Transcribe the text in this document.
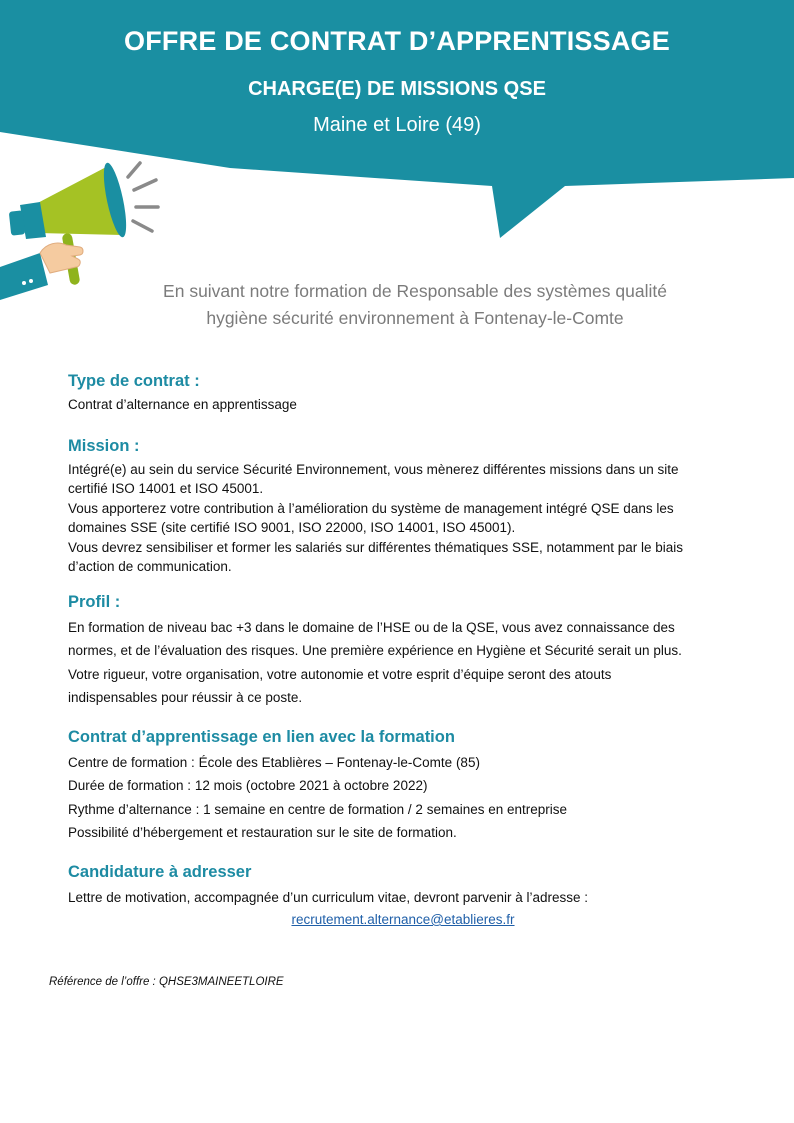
OFFRE DE CONTRAT D’APPRENTISSAGE
CHARGE(E) DE MISSIONS QSE
Maine et Loire (49)
En suivant notre formation de Responsable des systèmes qualité
hygiène sécurité environnement à Fontenay-le-Comte
Type de contrat :

Contrat d’alternance en apprentissage

Mission :

Intégré(e) au sein du service Sécurité Environnement, vous mènerez différentes missions dans un site

certifié ISO 14001 et ISO 45001.

Vous apporterez votre contribution à l’amélioration du système de management intégré QSE dans les

domaines SSE (site certifié ISO 9001, ISO 22000, ISO 14001, ISO 45001).

Vous devrez sensibiliser et former les salariés sur différentes thématiques SSE, notamment par le biais

d’action de communication.

Profil :

En formation de niveau bac +3 dans le domaine de l’HSE ou de la QSE, vous avez connaissance des

normes, et de l’évaluation des risques. Une première expérience en Hygiène et Sécurité serait un plus.

Votre rigueur, votre organisation, votre autonomie et votre esprit d’équipe seront des atouts

indispensables pour réussir à ce poste.

Contrat d’apprentissage en lien avec la formation

Centre de formation : École des Etablières – Fontenay-le-Comte (85)

Durée de formation : 12 mois (octobre 2021 à octobre 2022)

Rythme d’alternance : 1 semaine en centre de formation / 2 semaines en entreprise

Possibilité d’hébergement et restauration sur le site de formation.

Candidature à adresser

Lettre de motivation, accompagnée d’un curriculum vitae, devront parvenir à l’adresse :

recrutement.alternance@etablieres.fr
Référence de l’offre : QHSE3MAINEETLOIRE
